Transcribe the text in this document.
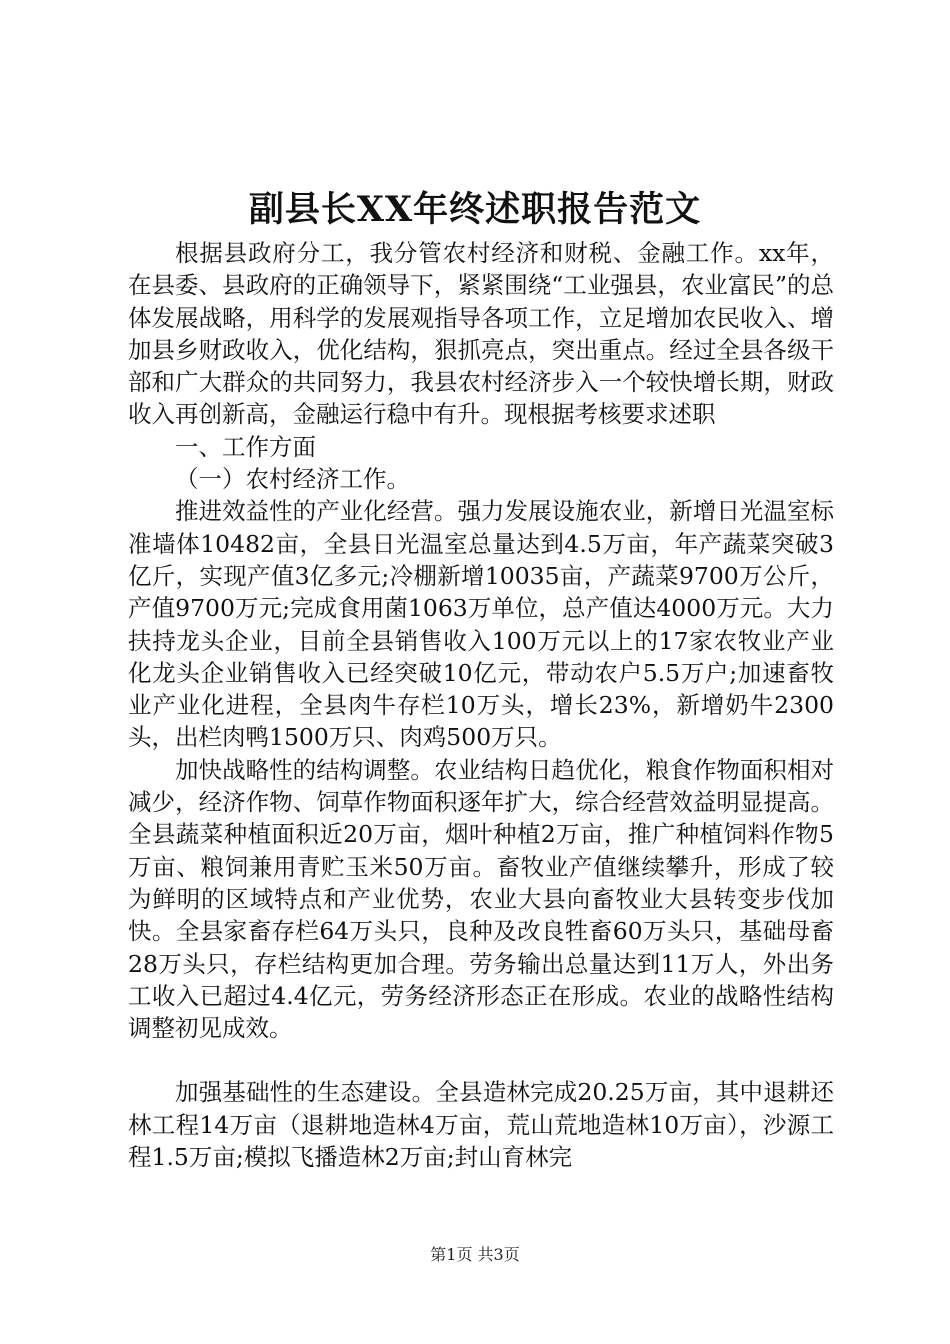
副县长XX年终述职报告范文

根据县政府分工，我分管农村经济和财税、金融工作。xx年，在县委、县政府的正确领导下，紧紧围绕“工业强县，农业富民”的总体发展战略，用科学的发展观指导各项工作，立足增加农民收入、增加县乡财政收入，优化结构，狠抓亮点，突出重点。经过全县各级干部和广大群众的共同努力，我县农村经济步入一个较快增长期，财政收入再创新高，金融运行稳中有升。现根据考核要求述职

一、工作方面

（一）农村经济工作。

推进效益性的产业化经营。强力发展设施农业，新增日光温室标准墙体10482亩，全县日光温室总量达到4.5万亩，年产蔬菜突破3亿斤，实现产值3亿多元;冷棚新增10035亩，产蔬菜9700万公斤，产值9700万元;完成食用菌1063万单位，总产值达4000万元。大力扶持龙头企业，目前全县销售收入100万元以上的17家农牧业产业化龙头企业销售收入已经突破10亿元，带动农户5.5万户;加速畜牧业产业化进程，全县肉牛存栏10万头，增长23%，新增奶牛2300头，出栏肉鸭1500万只、肉鸡500万只。

加快战略性的结构调整。农业结构日趋优化，粮食作物面积相对减少，经济作物、饲草作物面积逐年扩大，综合经营效益明显提高。全县蔬菜种植面积近20万亩，烟叶种植2万亩，推广种植饲料作物5万亩、粮饲兼用青贮玉米50万亩。畜牧业产值继续攀升，形成了较为鲜明的区域特点和产业优势，农业大县向畜牧业大县转变步伐加快。全县家畜存栏64万头只，良种及改良牲畜60万头只，基础母畜28万头只，存栏结构更加合理。劳务输出总量达到11万人，外出务工收入已超过4.4亿元，劳务经济形态正在形成。农业的战略性结构调整初见成效。

加强基础性的生态建设。全县造林完成20.25万亩，其中退耕还林工程14万亩（退耕地造林4万亩，荒山荒地造林10万亩），沙源工程1.5万亩;模拟飞播造林2万亩;封山育林完

第1页 共3页
